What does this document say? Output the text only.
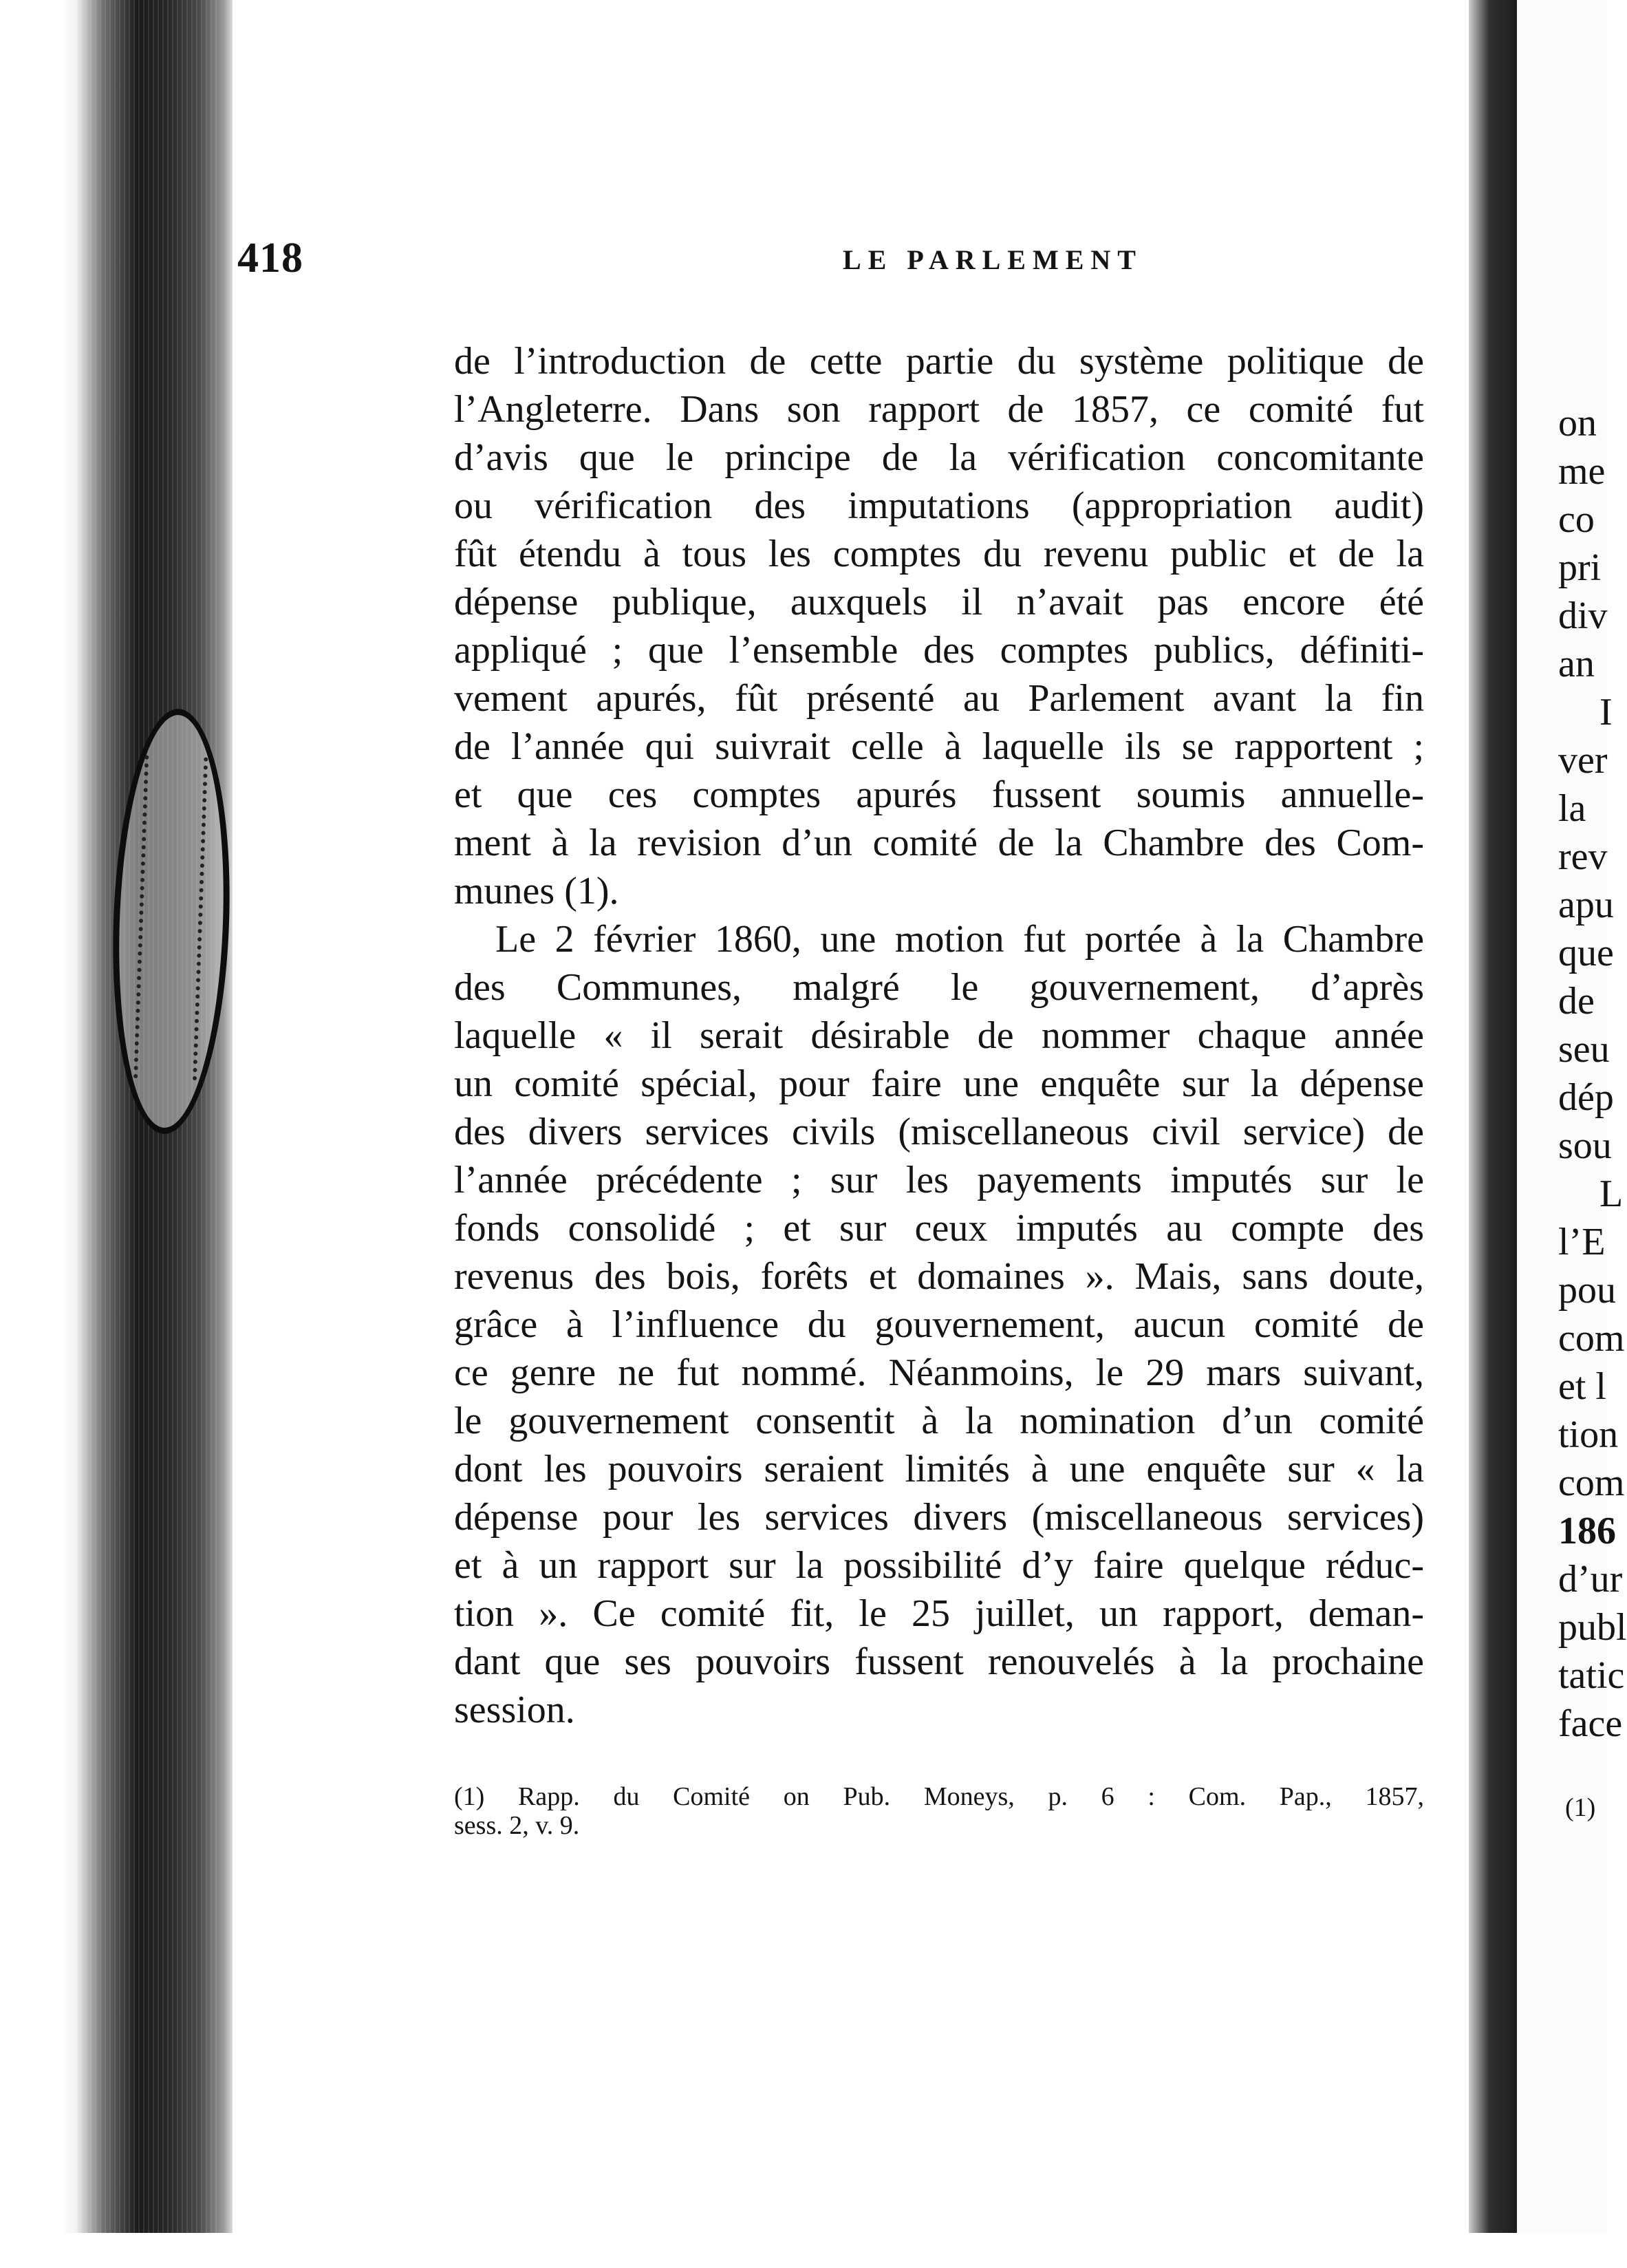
418	LE PARLEMENT
de l’introduction de cette partie du système politique de
l’Angleterre. Dans son rapport de 1857, ce comité fut
d’avis que le principe de la vérification concomitante
ou vérification des imputations (appropriation audit)
fût étendu à tous les comptes du revenu public et de la
dépense publique, auxquels il n’avait pas encore été
appliqué ; que l’ensemble des comptes publics, définiti-
vement apurés, fût présenté au Parlement avant la fin
de l’année qui suivrait celle à laquelle ils se rapportent ;
et que ces comptes apurés fussent soumis annuelle-
ment à la revision d’un comité de la Chambre des Com-
munes (1).
Le 2 février 1860, une motion fut portée à la Chambre
des Communes, malgré le gouvernement, d’après
laquelle « il serait désirable de nommer chaque année
un comité spécial, pour faire une enquête sur la dépense
des divers services civils (miscellaneous civil service) de
l’année précédente ; sur les payements imputés sur le
fonds consolidé ; et sur ceux imputés au compte des
revenus des bois, forêts et domaines ». Mais, sans doute,
grâce à l’influence du gouvernement, aucun comité de
ce genre ne fut nommé. Néanmoins, le 29 mars suivant,
le gouvernement consentit à la nomination d’un comité
dont les pouvoirs seraient limités à une enquête sur « la
dépense pour les services divers (miscellaneous services)
et à un rapport sur la possibilité d’y faire quelque réduc-
tion ». Ce comité fit, le 25 juillet, un rapport, deman-
dant que ses pouvoirs fussent renouvelés à la prochaine
session.
(1) Rapp. du Comité on Pub. Moneys, p. 6 : Com. Pap., 1857,
sess. 2, v. 9.
on
me
co
pri
div
an
I
ver
la
rev
apu
que
de
seu
dép
sou
L
l’E
pou
com
et l
tion
com
186
d’ur
publ
tatic
face
(1)
